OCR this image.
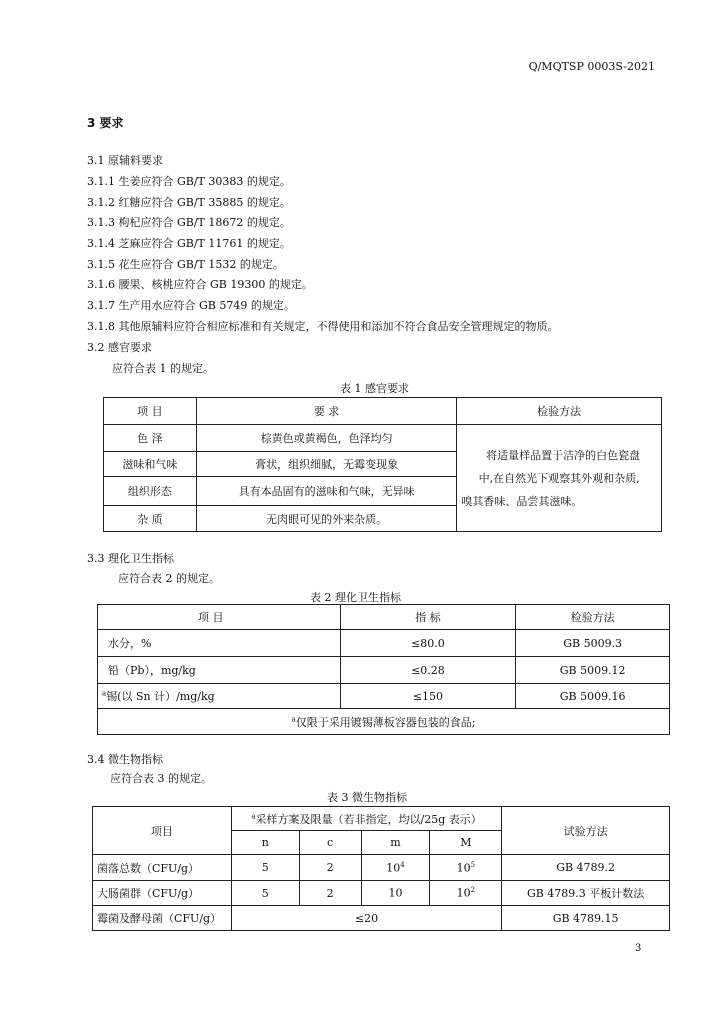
Q/MQTSP 0003S-2021
3 要求
3.1 原辅料要求
3.1.1 生姜应符合 GB/T 30383 的规定。
3.1.2 红糖应符合 GB/T 35885 的规定。
3.1.3 枸杞应符合 GB/T 18672 的规定。
3.1.4 芝麻应符合 GB/T 11761 的规定。
3.1.5 花生应符合 GB/T 1532 的规定。
3.1.6 腰果、核桃应符合 GB 19300 的规定。
3.1.7 生产用水应符合 GB 5749 的规定。
3.1.8 其他原辅料应符合相应标准和有关规定，不得使用和添加不符合食品安全管理规定的物质。
3.2 感官要求
应符合表 1 的规定。
表 1 感官要求
项 目	要 求	检验方法
色 泽	棕黄色或黄褐色，色泽均匀	将适量样品置于洁净的白色瓷盘
中,在自然光下观察其外观和杂质,
嗅其香味、品尝其滋味。

滋味和气味	膏状，组织细腻，无霉变现象	
组织形态	具有本品固有的滋味和气味，无异味	
杂 质	无肉眼可见的外来杂质。	
3.3 理化卫生指标
应符合表 2 的规定。
表 2 理化卫生指标
项 目	指 标	检验方法
水分，%	≤80.0	GB 5009.3
铅（Pb），mg/kg	≤0.28	GB 5009.12
$^a$锡(以 Sn 计）/mg/kg	≤150	GB 5009.16
$^a$仅限于采用镀锡薄板容器包装的食品;		
3.4 微生物指标
应符合表 3 的规定。
表 3 微生物指标
项目	$^a$采样方案及限量（若非指定，均以/25g 表示）				试验方法
	n	c	m	M	
菌落总数（CFU/g）	5	2	$10^4$	$10^5$	GB 4789.2
大肠菌群（CFU/g）	5	2	10	$10^2$	GB 4789.3 平板计数法
霉菌及酵母菌（CFU/g）	≤20				GB 4789.15
3
